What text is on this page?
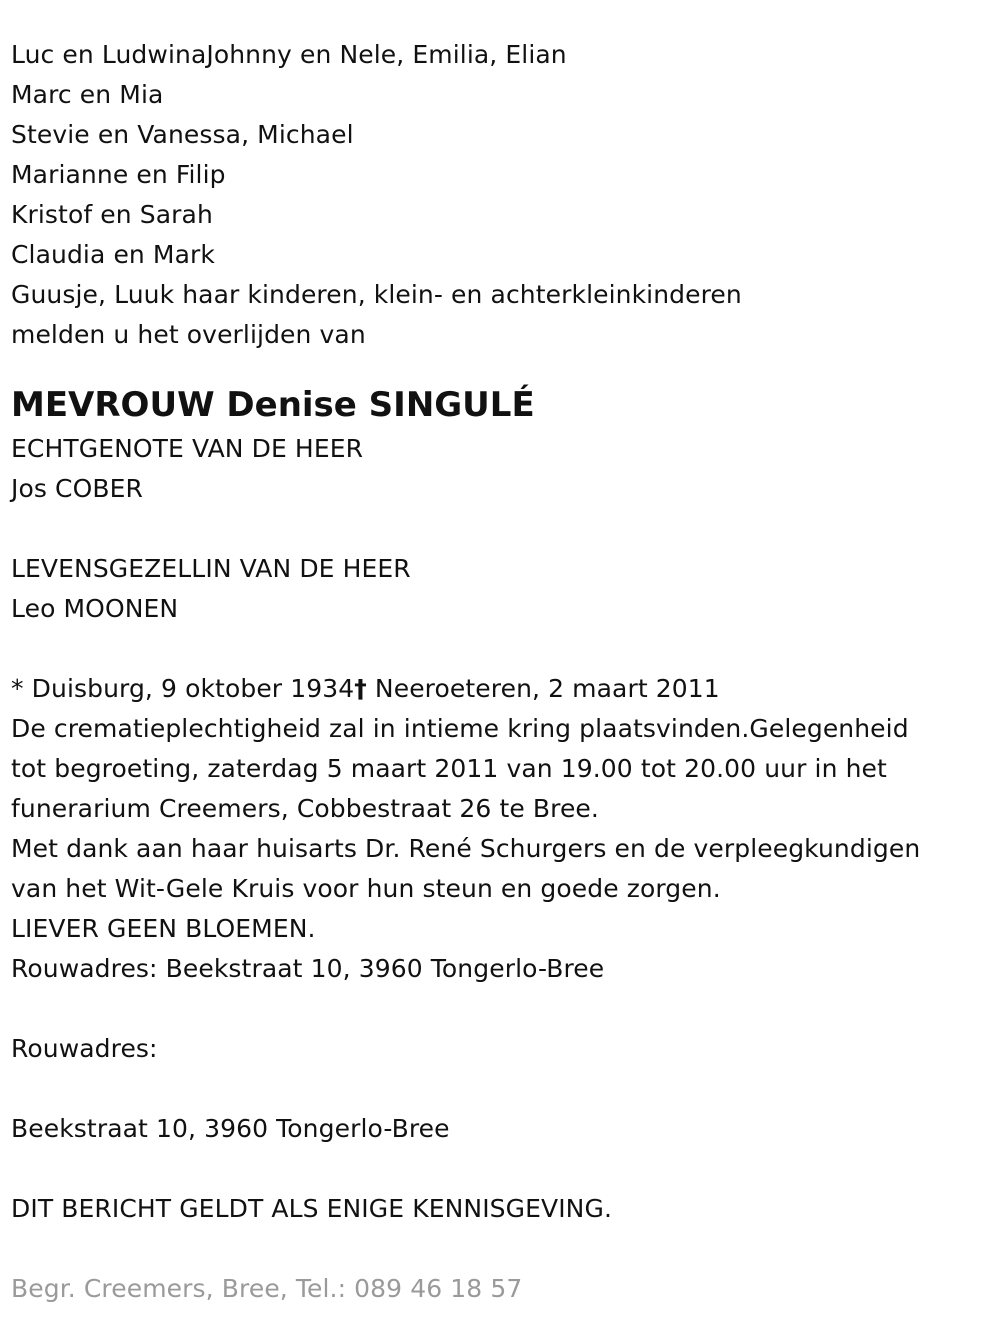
Luc en LudwinaJohnny en Nele, Emilia, Elian
Marc en Mia
Stevie en Vanessa, Michael
Marianne en Filip
Kristof en Sarah
Claudia en Mark
Guusje, Luuk haar kinderen, klein- en achterkleinkinderen
melden u het overlijden van
MEVROUW Denise SINGULÉ
ECHTGENOTE VAN DE HEER
Jos COBER
LEVENSGEZELLIN VAN DE HEER
Leo MOONEN
* Duisburg, 9 oktober 1934† Neeroeteren, 2 maart 2011
De crematieplechtigheid zal in intieme kring plaatsvinden.Gelegenheid
tot begroeting, zaterdag 5 maart 2011 van 19.00 tot 20.00 uur in het
funerarium Creemers, Cobbestraat 26 te Bree.
Met dank aan haar huisarts Dr. René Schurgers en de verpleegkundigen
van het Wit-Gele Kruis voor hun steun en goede zorgen.
LIEVER GEEN BLOEMEN.
Rouwadres: Beekstraat 10, 3960 Tongerlo-Bree
Rouwadres:
Beekstraat 10, 3960 Tongerlo-Bree
DIT BERICHT GELDT ALS ENIGE KENNISGEVING.
Begr. Creemers, Bree, Tel.: 089 46 18 57
